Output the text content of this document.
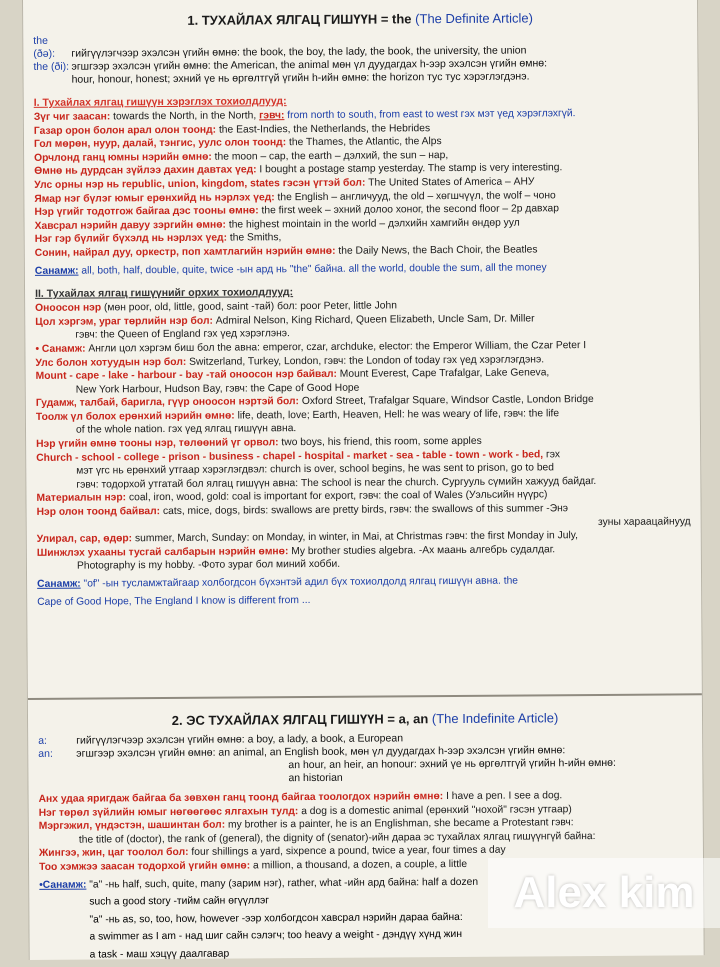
1. ТУХАЙЛАХ ЯЛГАЦ ГИШҮҮН = the (The Definite Article)
the (ðə): гийгүүлэгчээр эхэлсэн үгийн өмнө: the book, the boy, the lady, the book, the university, the union
the (ði): эгшгээр эхэлсэн үгийн өмнө: the American, the animal мөн үл дуудагдах h-ээр эхэлсэн үгийн өмнө:
hour, honour, honest; эхний үе нь өргөлтгүй үгийн h-ийн өмнө: the horizon тус тус хэрэглэгдэнэ.
I. Тухайлах ялгац гишүүн хэрэглэх тохиолдлууд:
Зүг чиг заасан: towards the North, in the North, гэвч: from north to south, from east to west гэх мэт үед хэрэглэхгүй.
Газар орон болон арал олон тоонд: the East-Indies, the Netherlands, the Hebrides
Гол мөрөн, нуур, далай, тэнгис, уулс олон тоонд: the Thames, the Atlantic, the Alps
Орчлонд ганц юмны нэрийн өмнө: the moon – сар, the earth – дэлхий, the sun – нар,
Өмнө нь дурдсан зүйлээ дахин давтах үед: I bought a postage stamp yesterday. The stamp is very interesting.
Улс орны нэр нь republic, union, kingdom, states гэсэн үгтэй бол: The United States of America – АНУ
Ямар нэг бүлэг юмыг ерөнхийд нь нэрлэх үед: the English – англичууд, the old – хөгшчүүл, the wolf – чоно
Нэр үгийг тодотгож байгаа дэс тооны өмнө: the first week – эхний долоо хоног, the second floor – 2р давхар
Хавсрал нэрийн давуу зэргийн өмнө: the highest mointain in the world – дэлхийн хамгийн өндөр уул
Нэг гэр бүлийг бүхэлд нь нэрлэх үед: the Smiths,
Сонин, найрал дуу, оркестр, поп хамтлагийн нэрийн өмнө: the Daily News, the Bach Choir, the Beatles
Санамж: all, both, half, double, quite, twice -ын ард нь "the" байна. all the world, double the sum, all the money
II. Тухайлах ялгац гишүүнийг орхих тохиолдлууд:
Оноосон нэр (мөн poor, old, little, good, saint -тай) бол: poor Peter, little John
Цол хэргэм, ураг төрлийн нэр бол: Admiral Nelson, King Richard, Queen Elizabeth, Uncle Sam, Dr. Miller
гэвч: the Queen of England гэх үед хэрэглэнэ.
• Санамж: Англи цол хэргэм биш бол the авна: emperor, czar, archduke, elector: the Emperor William, the Czar Peter I
Улс болон хотуудын нэр бол: Switzerland, Turkey, London, гэвч: the London of today гэх үед хэрэглэгдэнэ.
Mount - cape - lake - harbour - bay -тай оноосон нэр байвал: Mount Everest, Cape Trafalgar, Lake Geneva,
New York Harbour, Hudson Bay, гэвч: the Cape of Good Hope
Гудамж, талбай, баригла, гүүр оноосон нэртэй бол: Oxford Street, Trafalgar Square, Windsor Castle, London Bridge
Тоолж үл болох ерөнхий нэрийн өмнө: life, death, love; Earth, Heaven, Hell: he was weary of life, гэвч: the life
of the whole nation. гэх үед ялгац гишүүн авна.
Нэр үгийн өмнө тооны нэр, төлөөний үг орвол: two boys, his friend, this room, some apples
Church - school - college - prison - business - chapel - hospital - market - sea - table - town - work - bed, гэх
мэт үгс нь ерөнхий утгаар хэрэглэгдвэл: church is over, school begins, he was sent to prison, go to bed
гэвч: тодорхой утгатай бол ялгац гишүүн авна: The school is near the church. Сургууль сүмийн хажууд байдаг.
Материалын нэр: coal, iron, wood, gold: coal is important for export, гэвч: the coal of Wales (Уэльсийн нүүрс)
Нэр олон тоонд байвал: cats, mice, dogs, birds: swallows are pretty birds, гэвч: the swallows of this summer -Энэ
зуны хараацайнууд
Улирал, сар, өдөр: summer, March, Sunday: on Monday, in winter, in Mai, at Christmas гэвч: the first Monday in July,
Шинжлэх ухааны тусгай салбарын нэрийн өмнө: My brother studies algebra. -Ах маань алгебрь судалдаг.
Photography is my hobby. -Фото зураг бол миний хобби.
Санамж: "of" -ын тусламжтайгаар холбогдсон бүхэнтэй адил бүх тохиолдолд ялгац гишүүн авна. the
Cape of Good Hope, The England I know is different from ...
2. ЭС ТУХАЙЛАХ ЯЛГАЦ ГИШҮҮН = a, an (The Indefinite Article)
a:	гийгүүлэгчээр эхэлсэн үгийн өмнө: a boy, a lady, a book, a European
an: эгшгээр эхэлсэн үгийн өмнө: an animal, an English book, мөн үл дуудагдах h-ээр эхэлсэн үгийн өмнө:
an hour, an heir, an honour: эхний үе нь өргөлтгүй үгийн h-ийн өмнө:
an historian
Анх удаа яригдаж байгаа ба зөвхөн ганц тоонд байгаа тоологдох нэрийн өмнө: I have a pen. I see a dog.
Нэг төрөл зүйлийн юмыг нөгөөгөөс ялгахын тулд: a dog is a domestic animal (ерөнхий "нохой" гэсэн утгаар)
Мэргэжил, үндэстэн, шашинтан бол: my brother is a painter, he is an Englishman, she became a Protestant гэвч:
the title of (doctor), the rank of (general), the dignity of (senator)-ийн дараа эс тухайлах ялгац гишүүнгүй байна:
Жингээ, жин, цаг тоолол бол: four shillings a yard, sixpence a pound, twice a year, four times a day
Тоо хэмжээ заасан тодорхой үгийн өмнө: a million, a thousand, a dozen, a couple, a little
•Санамж: "a" -нь half, such, quite, many (зарим нэг), rather, what -ийн ард байна: half a dozen
such a good story -тийм сайн өгүүллэг
"a" -нь as, so, too, how, however -ээр холбогдсон хавсрал нэрийн дараа байна:
a swimmer as I am - над шиг сайн сэлэгч; too heavy a weight - дэндүү хүнд жин
a task - маш хэцүү даалгавар
Alex kim
